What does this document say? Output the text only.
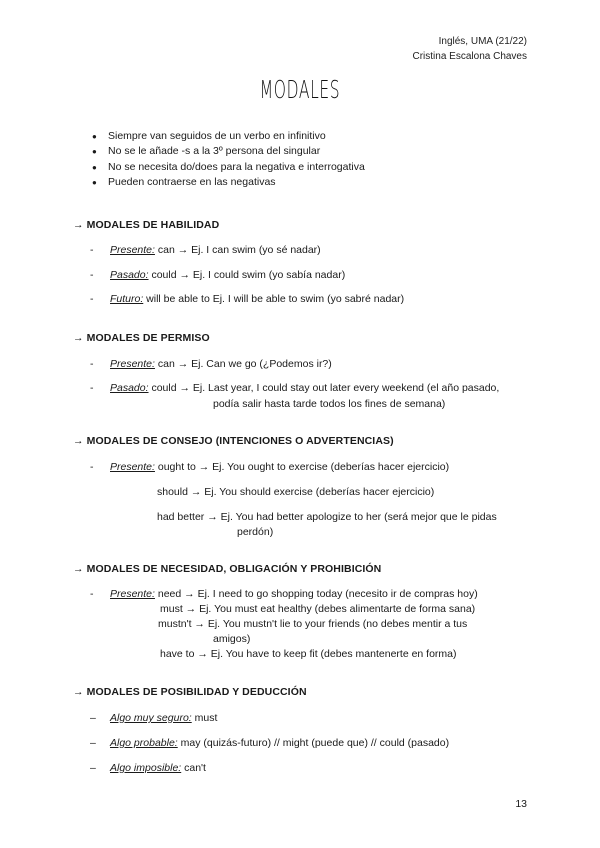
Inglés, UMA (21/22)
Cristina Escalona Chaves
MODALES
● Siempre van seguidos de un verbo en infinitivo
● No se le añade -s a la 3º persona del singular
● No se necesita do/does para la negativa e interrogativa
● Pueden contraerse en las negativas
→ MODALES DE HABILIDAD
- Presente: can → Ej. I can swim (yo sé nadar)
- Pasado: could → Ej. I could swim (yo sabía nadar)
- Futuro: will be able to Ej. I will be able to swim (yo sabré nadar)
→ MODALES DE PERMISO
- Presente: can → Ej. Can we go (¿Podemos ir?)
- Pasado: could → Ej. Last year, I could stay out later every weekend (el año pasado,
podía salir hasta tarde todos los fines de semana)
→ MODALES DE CONSEJO (INTENCIONES O ADVERTENCIAS)
- Presente: ought to → Ej. You ought to exercise (deberías hacer ejercicio)
should → Ej. You should exercise (deberías hacer ejercicio)
had better → Ej. You had better apologize to her (será mejor que le pidas
perdón)
→ MODALES DE NECESIDAD, OBLIGACIÓN Y PROHIBICIÓN
- Presente: need → Ej. I need to go shopping today (necesito ir de compras hoy)
must → Ej. You must eat healthy (debes alimentarte de forma sana)
mustn't → Ej. You mustn't lie to your friends (no debes mentir a tus
amigos)
have to → Ej. You have to keep fit (debes mantenerte en forma)
→ MODALES DE POSIBILIDAD Y DEDUCCIÓN
– Algo muy seguro: must
– Algo probable: may (quizás-futuro) // might (puede que) // could (pasado)
– Algo imposible: can't
13
